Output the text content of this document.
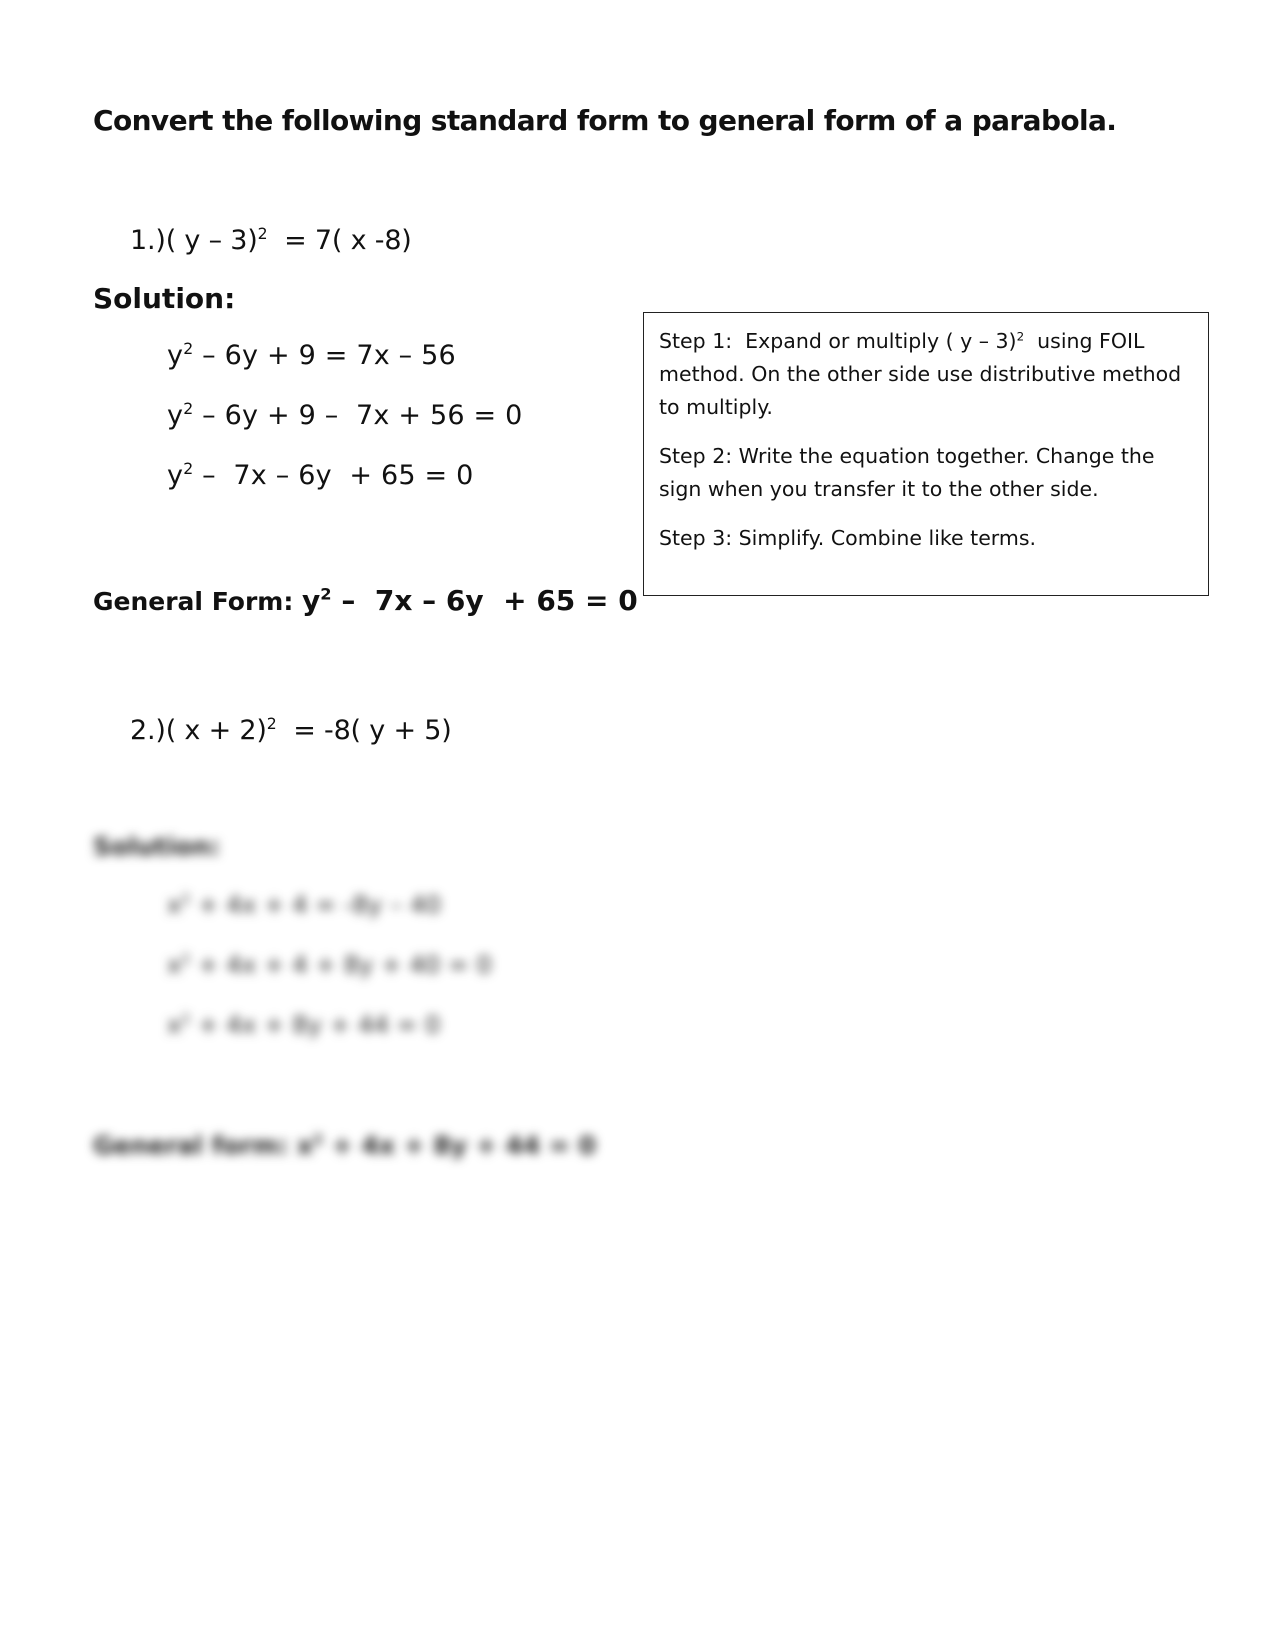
Convert the following standard form to general form of a parabola.
1.)( y – 3)$^2$ = 7( x -8)
Solution:
$y^2 - 6y + 9 = 7x - 56$
$y^2 - 6y + 9 - 7x + 56 = 0$
$y^2 - 7x - 6y + 65 = 0$
General Form: $y^2 - 7x - 6y + 65 = 0$

Step 1:  Expand or multiply ( y – 3)$^2$  using FOIL method. On the other side use distributive method to multiply.

Step 2: Write the equation together. Change the sign when you transfer it to the other side.

Step 3: Simplify. Combine like terms.

2.)( x + 2)$^2$ = -8( y + 5)
Solution:
$x^2 + 4x + 4 = -8y - 40$
$x^2 + 4x + 4 + 8y + 40 = 0$
$x^2 + 4x + 8y + 44 = 0$
General form: $x^2 + 4x + 8y + 44 = 0$
